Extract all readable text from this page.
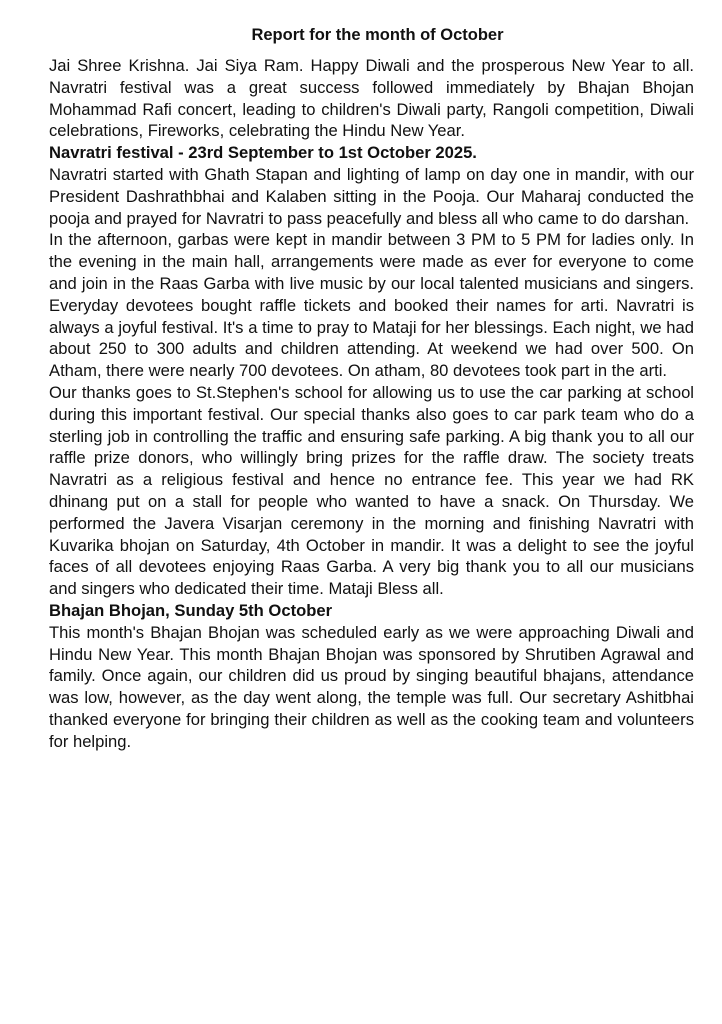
Report for the month of October

Jai Shree Krishna. Jai Siya Ram. Happy Diwali and the prosperous New Year to all. Navratri festival was a great success followed immediately by Bhajan Bhojan Mohammad Rafi concert, leading to children's Diwali party, Rangoli competition, Diwali celebrations, Fireworks, celebrating the Hindu New Year.

Navratri festival - 23rd September to 1st October 2025.

Navratri started with Ghath Stapan and lighting of lamp on day one in mandir, with our President Dashrathbhai and Kalaben sitting in the Pooja. Our Maharaj conducted the pooja and prayed for Navratri to pass peacefully and bless all who came to do darshan.

In the afternoon, garbas were kept in mandir between 3 PM to 5 PM for ladies only. In the evening in the main hall, arrangements were made as ever for everyone to come and join in the Raas Garba with live music by our local talented musicians and singers. Everyday devotees bought raffle tickets and booked their names for arti. Navratri is always a joyful festival. It's a time to pray to Mataji for her blessings. Each night, we had about 250 to 300 adults and children attending. At weekend we had over 500. On Atham, there were nearly 700 devotees. On atham, 80 devotees took part in the arti.

Our thanks goes to St.Stephen's school for allowing us to use the car parking at school during this important festival. Our special thanks also goes to car park team who do a sterling job in controlling the traffic and ensuring safe parking. A big thank you to all our raffle prize donors, who willingly bring prizes for the raffle draw. The society treats Navratri as a religious festival and hence no entrance fee. This year we had RK dhinang put on a stall for people who wanted to have a snack. On Thursday. We performed the Javera Visarjan ceremony in the morning and finishing Navratri with Kuvarika bhojan on Saturday, 4th October in mandir. It was a delight to see the joyful faces of all devotees enjoying Raas Garba. A very big thank you to all our musicians and singers who dedicated their time. Mataji Bless all.

Bhajan Bhojan, Sunday 5th October

This month's Bhajan Bhojan was scheduled early as we were approaching Diwali and Hindu New Year. This month Bhajan Bhojan was sponsored by Shrutiben Agrawal and family. Once again, our children did us proud by singing beautiful bhajans, attendance was low, however, as the day went along, the temple was full. Our secretary Ashitbhai thanked everyone for bringing their children as well as the cooking team and volunteers for helping.
